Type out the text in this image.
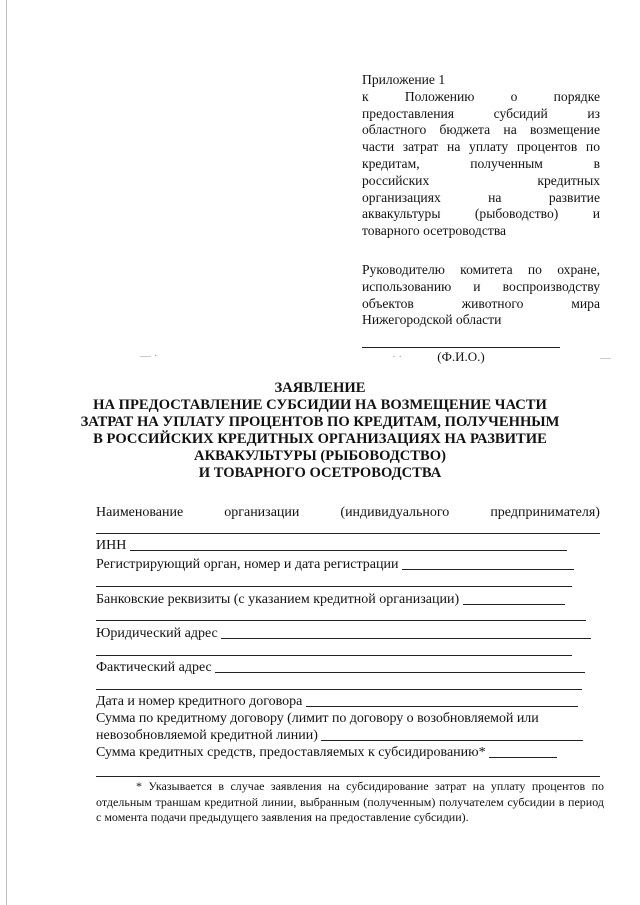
Приложение 1
к Положению о порядке
предоставления субсидий из
областного бюджета на возмещение
части затрат на уплату процентов по
кредитам, полученным в
российских кредитных
организациях на развитие
аквакультуры (рыбоводство) и
товарного осетроводства
Руководителю комитета по охране,
использованию и воспроизводству
объектов животного мира
Нижегородской области
(Ф.И.О.)
— ·	—
· ·
ЗАЯВЛЕНИЕ
НА ПРЕДОСТАВЛЕНИЕ СУБСИДИИ НА ВОЗМЕЩЕНИЕ ЧАСТИ
ЗАТРАТ НА УПЛАТУ ПРОЦЕНТОВ ПО КРЕДИТАМ, ПОЛУЧЕННЫМ
В РОССИЙСКИХ КРЕДИТНЫХ ОРГАНИЗАЦИЯХ НА РАЗВИТИЕ
АКВАКУЛЬТУРЫ (РЫБОВОДСТВО)
И ТОВАРНОГО ОСЕТРОВОДСТВА
Наименование	организации	(индивидуального	предпринимателя)
ИНН
Регистрирующий орган, номер и дата регистрации
Банковские реквизиты (с указанием кредитной организации)
Юридический адрес
Фактический адрес
Дата и номер кредитного договора
Сумма по кредитному договору (лимит по договору о возобновляемой или
невозобновляемой кредитной линии)
Сумма кредитных средств, предоставляемых к субсидированию*
* Указывается в случае заявления на субсидирование затрат на уплату процентов по отдельным траншам кредитной линии, выбранным (полученным) получателем субсидии в период с момента подачи предыдущего заявления на предоставление субсидии).
